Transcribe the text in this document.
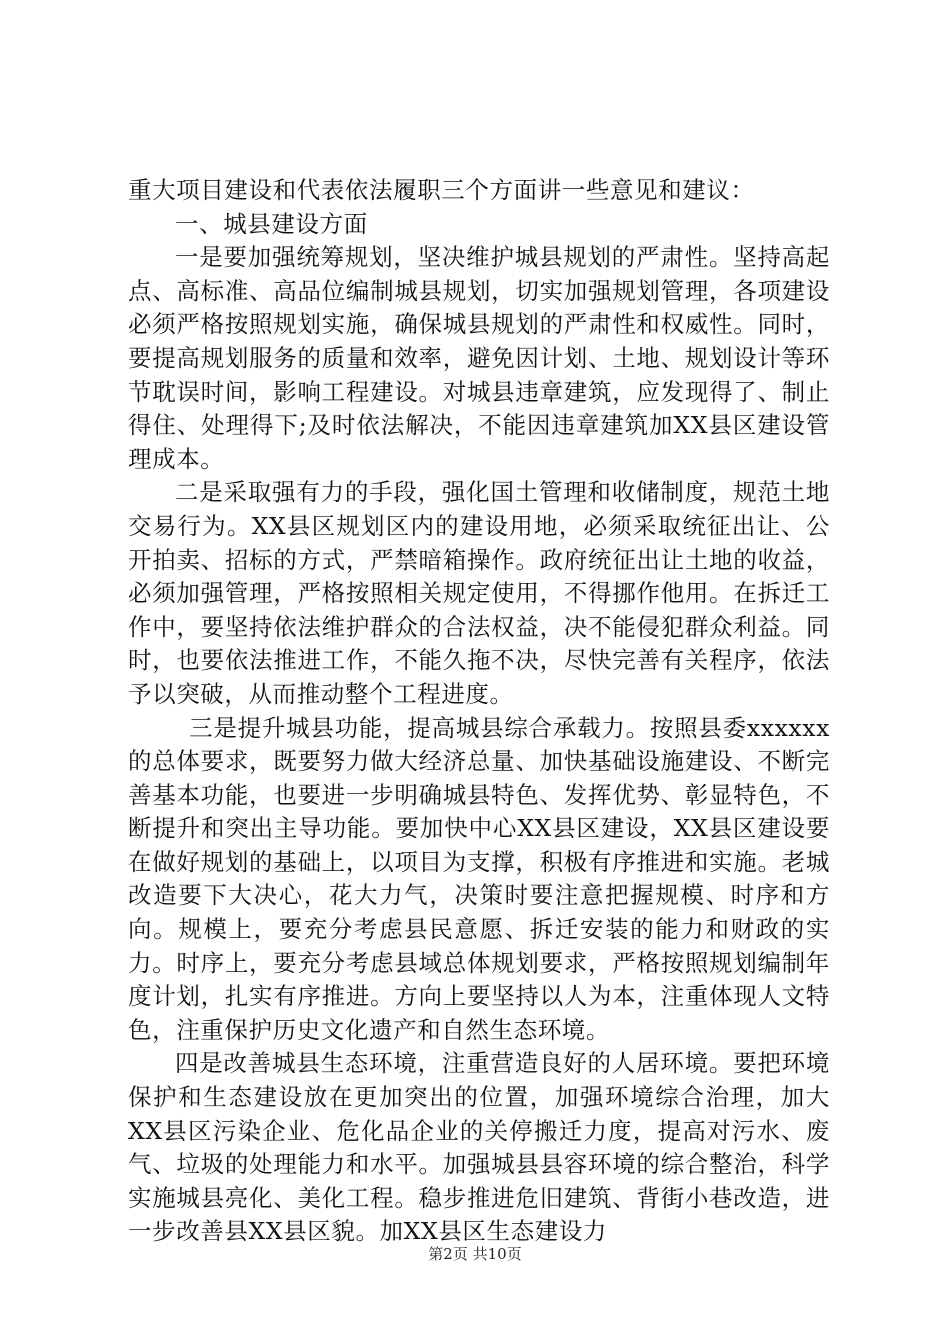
重大项目建设和代表依法履职三个方面讲一些意见和建议：

一、城县建设方面

一是要加强统筹规划，坚决维护城县规划的严肃性。坚持高起点、高标准、高品位编制城县规划，切实加强规划管理，各项建设必须严格按照规划实施，确保城县规划的严肃性和权威性。同时，要提高规划服务的质量和效率，避免因计划、土地、规划设计等环节耽误时间，影响工程建设。对城县违章建筑，应发现得了、制止得住、处理得下;及时依法解决，不能因违章建筑加XX县区建设管理成本。

二是采取强有力的手段，强化国土管理和收储制度，规范土地交易行为。XX县区规划区内的建设用地，必须采取统征出让、公开拍卖、招标的方式，严禁暗箱操作。政府统征出让土地的收益，必须加强管理，严格按照相关规定使用，不得挪作他用。在拆迁工作中，要坚持依法维护群众的合法权益，决不能侵犯群众利益。同时，也要依法推进工作，不能久拖不决，尽快完善有关程序，依法予以突破，从而推动整个工程进度。

三是提升城县功能，提高城县综合承载力。按照县委xxxxxx的总体要求，既要努力做大经济总量、加快基础设施建设、不断完善基本功能，也要进一步明确城县特色、发挥优势、彰显特色，不断提升和突出主导功能。要加快中心XX县区建设，XX县区建设要在做好规划的基础上，以项目为支撑，积极有序推进和实施。老城改造要下大决心，花大力气，决策时要注意把握规模、时序和方向。规模上，要充分考虑县民意愿、拆迁安装的能力和财政的实力。时序上，要充分考虑县域总体规划要求，严格按照规划编制年度计划，扎实有序推进。方向上要坚持以人为本，注重体现人文特色，注重保护历史文化遗产和自然生态环境。

四是改善城县生态环境，注重营造良好的人居环境。要把环境保护和生态建设放在更加突出的位置，加强环境综合治理，加大XX县区污染企业、危化品企业的关停搬迁力度，提高对污水、废气、垃圾的处理能力和水平。加强城县县容环境的综合整治，科学实施城县亮化、美化工程。稳步推进危旧建筑、背街小巷改造，进一步改善县XX县区貌。加XX县区生态建设力

第2页 共10页
